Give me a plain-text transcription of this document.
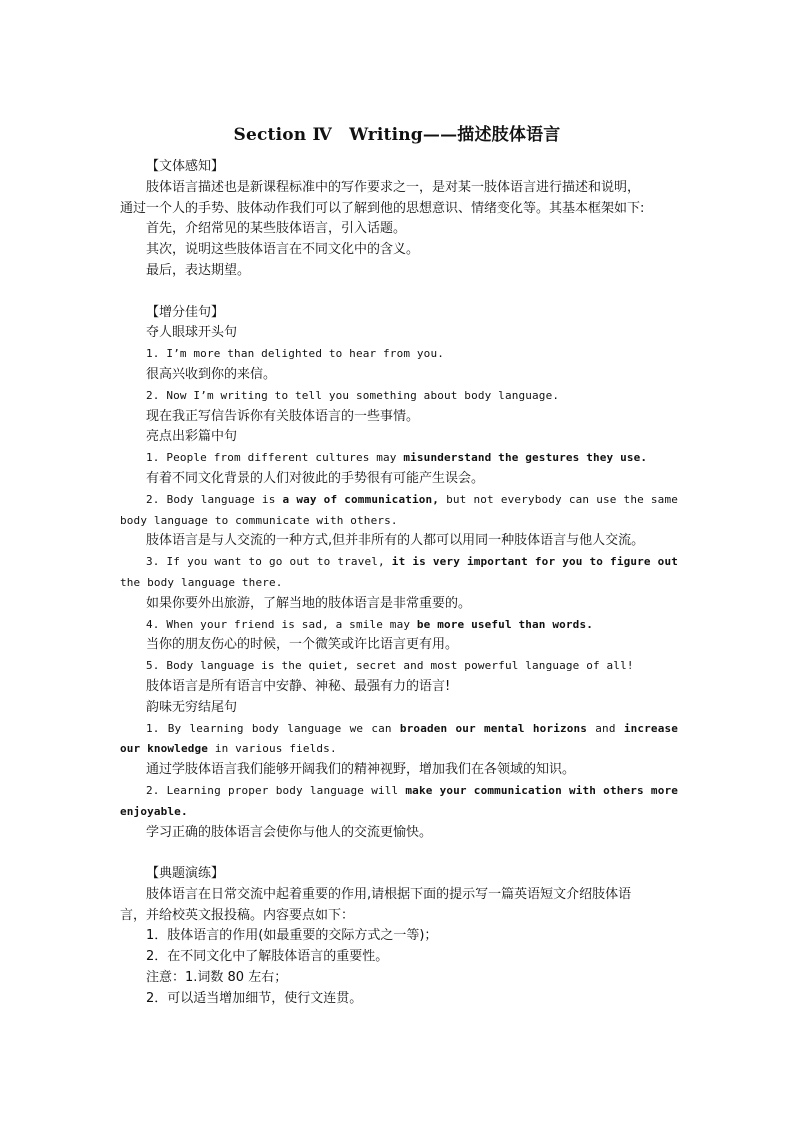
Section Ⅳ　Writing——描述肢体语言
【文体感知】
肢体语言描述也是新课程标准中的写作要求之一，是对某一肢体语言进行描述和说明，
通过一个人的手势、肢体动作我们可以了解到他的思想意识、情绪变化等。其基本框架如下:
首先，介绍常见的某些肢体语言，引入话题。
其次，说明这些肢体语言在不同文化中的含义。
最后，表达期望。
【增分佳句】
夺人眼球开头句
1. I’m more than delighted to hear from you.
很高兴收到你的来信。
2. Now I’m writing to tell you something about body language.
现在我正写信告诉你有关肢体语言的一些事情。
亮点出彩篇中句
1. People from different cultures may misunderstand the gestures they use.
有着不同文化背景的人们对彼此的手势很有可能产生误会。
2. Body language is a way of communication, but not everybody can use the same
body language to communicate with others.
肢体语言是与人交流的一种方式,但并非所有的人都可以用同一种肢体语言与他人交流。
3. If you want to go out to travel, it is very important for you to figure out
the body language there.
如果你要外出旅游，了解当地的肢体语言是非常重要的。
4. When your friend is sad, a smile may be more useful than words.
当你的朋友伤心的时候，一个微笑或许比语言更有用。
5. Body language is the quiet, secret and most powerful language of all!
肢体语言是所有语言中安静、神秘、最强有力的语言!
韵味无穷结尾句
1. By learning body language we can broaden our mental horizons and increase
our knowledge in various fields.
通过学肢体语言我们能够开阔我们的精神视野，增加我们在各领域的知识。
2. Learning proper body language will make your communication with others more
enjoyable.
学习正确的肢体语言会使你与他人的交流更愉快。
【典题演练】
肢体语言在日常交流中起着重要的作用,请根据下面的提示写一篇英语短文介绍肢体语
言，并给校英文报投稿。内容要点如下：
1．肢体语言的作用(如最重要的交际方式之一等)；
2．在不同文化中了解肢体语言的重要性。
注意：1.词数 80 左右；
2．可以适当增加细节，使行文连贯。
